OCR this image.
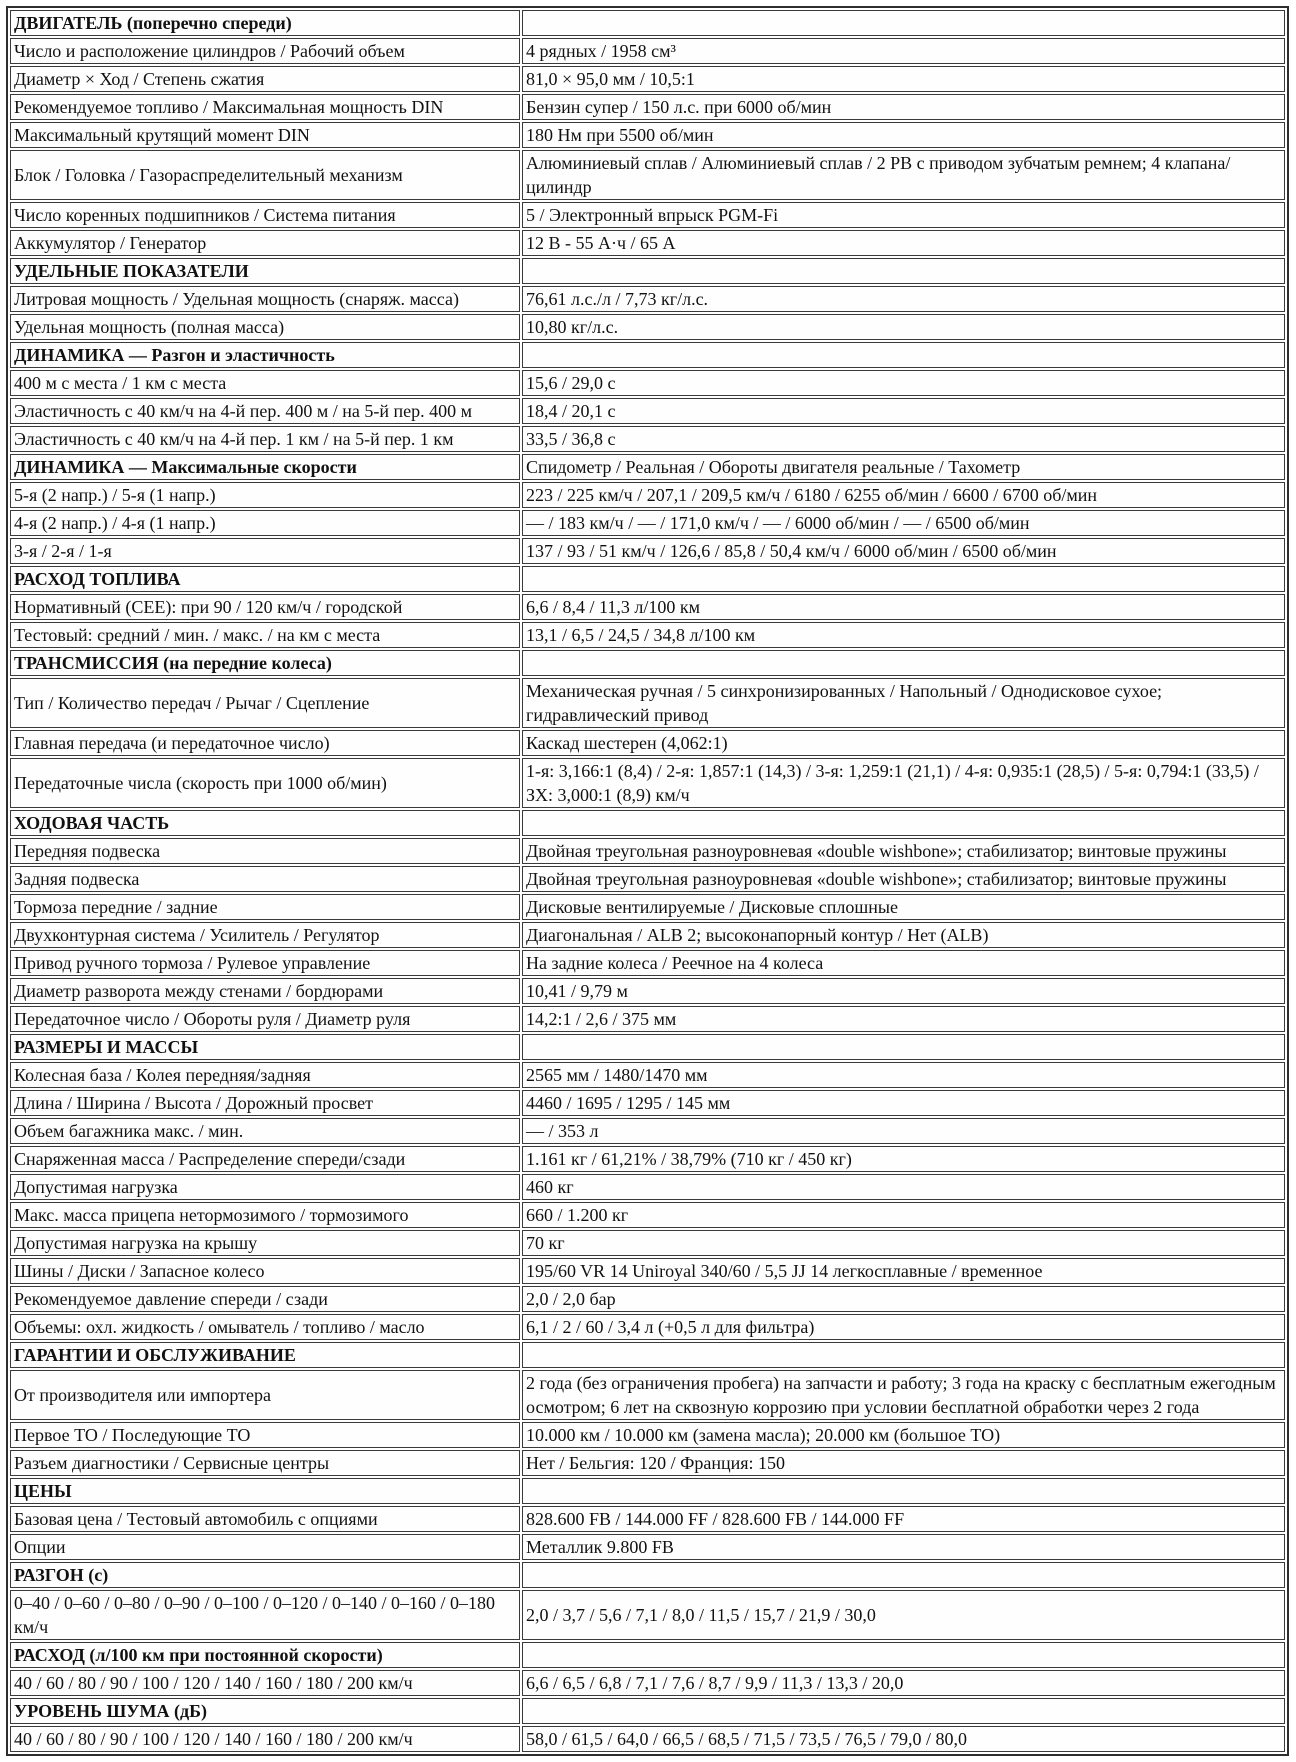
ДВИГАТЕЛЬ (поперечно спереди)	
Число и расположение цилиндров / Рабочий объем	4 рядных / 1958 см³
Диаметр × Ход / Степень сжатия	81,0 × 95,0 мм / 10,5:1
Рекомендуемое топливо / Максимальная мощность DIN	Бензин супер / 150 л.с. при 6000 об/мин
Максимальный крутящий момент DIN	180 Нм при 5500 об/мин
Блок / Головка / Газораспределительный механизм	Алюминиевый сплав / Алюминиевый сплав / 2 РВ с приводом зубчатым ремнем; 4 клапана/цилиндр
Число коренных подшипников / Система питания	5 / Электронный впрыск PGM-Fi
Аккумулятор / Генератор	12 В - 55 А·ч / 65 А
УДЕЛЬНЫЕ ПОКАЗАТЕЛИ	
Литровая мощность / Удельная мощность (снаряж. масса)	76,61 л.с./л / 7,73 кг/л.с.
Удельная мощность (полная масса)	10,80 кг/л.с.
ДИНАМИКА — Разгон и эластичность	
400 м с места / 1 км с места	15,6 / 29,0 с
Эластичность с 40 км/ч на 4-й пер. 400 м / на 5-й пер. 400 м	18,4 / 20,1 с
Эластичность с 40 км/ч на 4-й пер. 1 км / на 5-й пер. 1 км	33,5 / 36,8 с
ДИНАМИКА — Максимальные скорости	Спидометр / Реальная / Обороты двигателя реальные / Тахометр
5-я (2 напр.) / 5-я (1 напр.)	223 / 225 км/ч / 207,1 / 209,5 км/ч / 6180 / 6255 об/мин / 6600 / 6700 об/мин
4-я (2 напр.) / 4-я (1 напр.)	— / 183 км/ч / — / 171,0 км/ч / — / 6000 об/мин / — / 6500 об/мин
3-я / 2-я / 1-я	137 / 93 / 51 км/ч / 126,6 / 85,8 / 50,4 км/ч / 6000 об/мин / 6500 об/мин
РАСХОД ТОПЛИВА	
Нормативный (CEE): при 90 / 120 км/ч / городской	6,6 / 8,4 / 11,3 л/100 км
Тестовый: средний / мин. / макс. / на км с места	13,1 / 6,5 / 24,5 / 34,8 л/100 км
ТРАНСМИССИЯ (на передние колеса)	
Тип / Количество передач / Рычаг / Сцепление	Механическая ручная / 5 синхронизированных / Напольный / Однодисковое сухое; гидравлический привод
Главная передача (и передаточное число)	Каскад шестерен (4,062:1)
Передаточные числа (скорость при 1000 об/мин)	1-я: 3,166:1 (8,4) / 2-я: 1,857:1 (14,3) / 3-я: 1,259:1 (21,1) / 4-я: 0,935:1 (28,5) / 5-я: 0,794:1 (33,5) / ЗХ: 3,000:1 (8,9) км/ч
ХОДОВАЯ ЧАСТЬ	
Передняя подвеска	Двойная треугольная разноуровневая «double wishbone»; стабилизатор; винтовые пружины
Задняя подвеска	Двойная треугольная разноуровневая «double wishbone»; стабилизатор; винтовые пружины
Тормоза передние / задние	Дисковые вентилируемые / Дисковые сплошные
Двухконтурная система / Усилитель / Регулятор	Диагональная / ALB 2; высоконапорный контур / Нет (ALB)
Привод ручного тормоза / Рулевое управление	На задние колеса / Реечное на 4 колеса
Диаметр разворота между стенами / бордюрами	10,41 / 9,79 м
Передаточное число / Обороты руля / Диаметр руля	14,2:1 / 2,6 / 375 мм
РАЗМЕРЫ И МАССЫ	
Колесная база / Колея передняя/задняя	2565 мм / 1480/1470 мм
Длина / Ширина / Высота / Дорожный просвет	4460 / 1695 / 1295 / 145 мм
Объем багажника макс. / мин.	— / 353 л
Снаряженная масса / Распределение спереди/сзади	1.161 кг / 61,21% / 38,79% (710 кг / 450 кг)
Допустимая нагрузка	460 кг
Макс. масса прицепа нетормозимого / тормозимого	660 / 1.200 кг
Допустимая нагрузка на крышу	70 кг
Шины / Диски / Запасное колесо	195/60 VR 14 Uniroyal 340/60 / 5,5 JJ 14 легкосплавные / временное
Рекомендуемое давление спереди / сзади	2,0 / 2,0 бар
Объемы: охл. жидкость / омыватель / топливо / масло	6,1 / 2 / 60 / 3,4 л (+0,5 л для фильтра)
ГАРАНТИИ И ОБСЛУЖИВАНИЕ	
От производителя или импортера	2 года (без ограничения пробега) на запчасти и работу; 3 года на краску с бесплатным ежегодным осмотром; 6 лет на сквозную коррозию при условии бесплатной обработки через 2 года
Первое ТО / Последующие ТО	10.000 км / 10.000 км (замена масла); 20.000 км (большое ТО)
Разъем диагностики / Сервисные центры	Нет / Бельгия: 120 / Франция: 150
ЦЕНЫ	
Базовая цена / Тестовый автомобиль с опциями	828.600 FB / 144.000 FF / 828.600 FB / 144.000 FF
Опции	Металлик 9.800 FB
РАЗГОН (с)	
0–40 / 0–60 / 0–80 / 0–90 / 0–100 / 0–120 / 0–140 / 0–160 / 0–180 км/ч	2,0 / 3,7 / 5,6 / 7,1 / 8,0 / 11,5 / 15,7 / 21,9 / 30,0
РАСХОД (л/100 км при постоянной скорости)	
40 / 60 / 80 / 90 / 100 / 120 / 140 / 160 / 180 / 200 км/ч	6,6 / 6,5 / 6,8 / 7,1 / 7,6 / 8,7 / 9,9 / 11,3 / 13,3 / 20,0
УРОВЕНЬ ШУМА (дБ)	
40 / 60 / 80 / 90 / 100 / 120 / 140 / 160 / 180 / 200 км/ч	58,0 / 61,5 / 64,0 / 66,5 / 68,5 / 71,5 / 73,5 / 76,5 / 79,0 / 80,0
